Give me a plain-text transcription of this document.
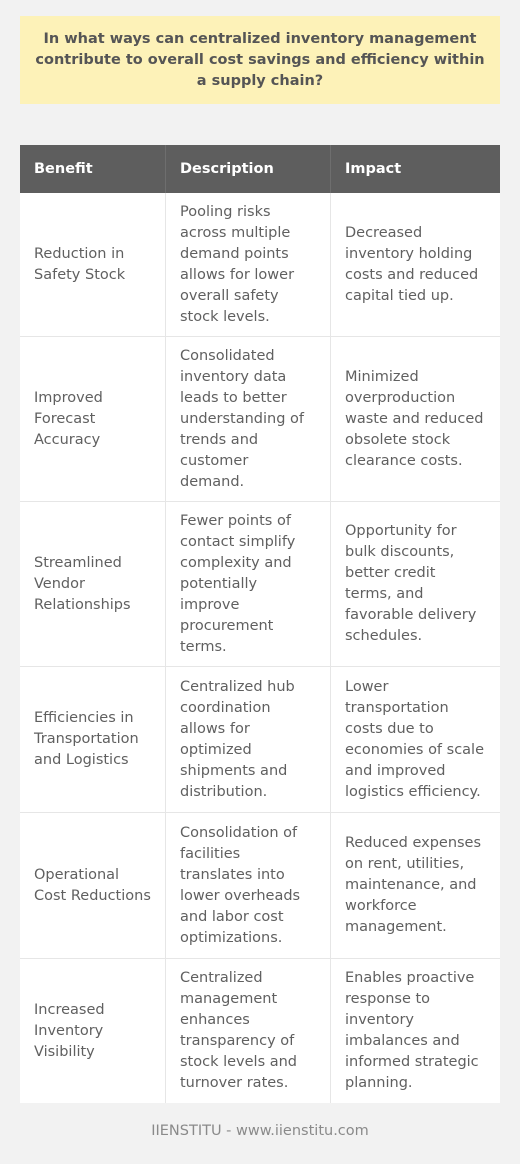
In what ways can centralized inventory management contribute to overall cost savings and efficiency within a supply chain?
Benefit	Description	Impact
Reduction in Safety Stock
Pooling risks across multiple demand points allows for lower overall safety stock levels.
Decreased inventory holding costs and reduced capital tied up.
Improved Forecast Accuracy
Consolidated inventory data leads to better understanding of trends and customer demand.
Minimized overproduction waste and reduced obsolete stock clearance costs.
Streamlined Vendor Relationships
Fewer points of contact simplify complexity and potentially improve procurement terms.
Opportunity for bulk discounts, better credit terms, and favorable delivery schedules.
Efficiencies in Transportation and Logistics
Centralized hub coordination allows for optimized shipments and distribution.
Lower transportation costs due to economies of scale and improved logistics efficiency.
Operational Cost Reductions
Consolidation of facilities translates into lower overheads and labor cost optimizations.
Reduced expenses on rent, utilities, maintenance, and workforce management.
Increased Inventory Visibility
Centralized management enhances transparency of stock levels and turnover rates.
Enables proactive response to inventory imbalances and informed strategic planning.
IIENSTITU - www.iienstitu.com
